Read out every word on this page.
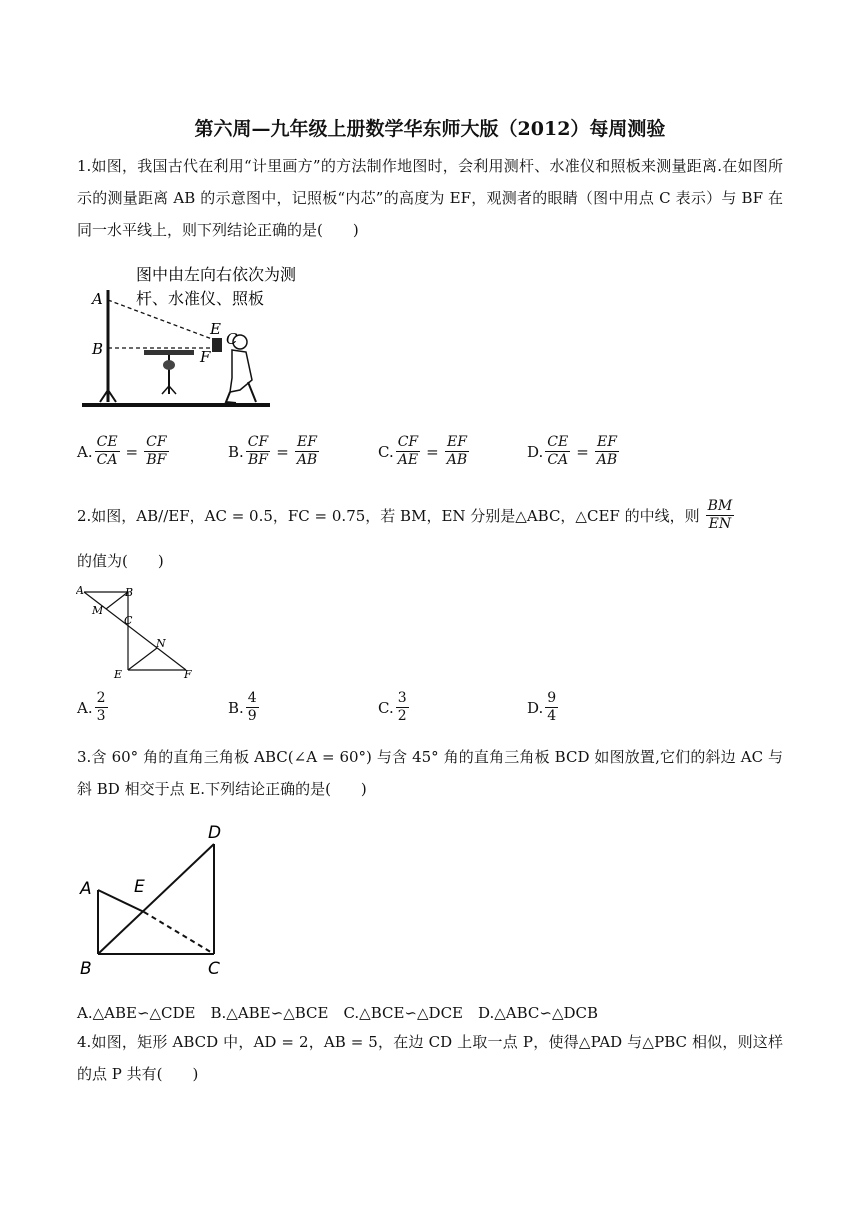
第六周—九年级上册数学华东师大版（2012）每周测验
1.如图，我国古代在利用“计里画方”的方法制作地图时，会利用测杆、水准仪和照板来测量距离.在如图所示的测量距离 AB 的示意图中，记照板“内芯”的高度为 EF，观测者的眼睛（图中用点 C 表示）与 BF 在同一水平线上，则下列结论正确的是(　　)
图中由左向右依次为测
杆、水准仪、照板
A
B
E
C
F
A. $\frac{CE}{CA} = \frac{CF}{BF}$	B. $\frac{CF}{BF} = \frac{EF}{AB}$	C. $\frac{CF}{AE} = \frac{EF}{AB}$	D. $\frac{CE}{CA} = \frac{EF}{AB}$
2.如图，AB//EF，AC = 0.5，FC = 0.75，若 BM，EN 分别是△ABC，△CEF 的中线，则 $\frac{BM}{EN}$
的值为(　　)
A	B
M
C
N
E	F
A. $\frac{2}{3}$	B. $\frac{4}{9}$	C. $\frac{3}{2}$	D. $\frac{9}{4}$
3.含 60° 角的直角三角板 ABC(∠A = 60°) 与含 45° 角的直角三角板 BCD 如图放置,它们的斜边 AC 与斜 BD 相交于点 E.下列结论正确的是(　　)
D
A E
B	C
A.△ABE∽△CDE　B.△ABE∽△BCE　C.△BCE∽△DCE　D.△ABC∽△DCB
4.如图，矩形 ABCD 中，AD = 2，AB = 5，在边 CD 上取一点 P，使得△PAD 与△PBC 相似，则这样的点 P 共有(　　)
